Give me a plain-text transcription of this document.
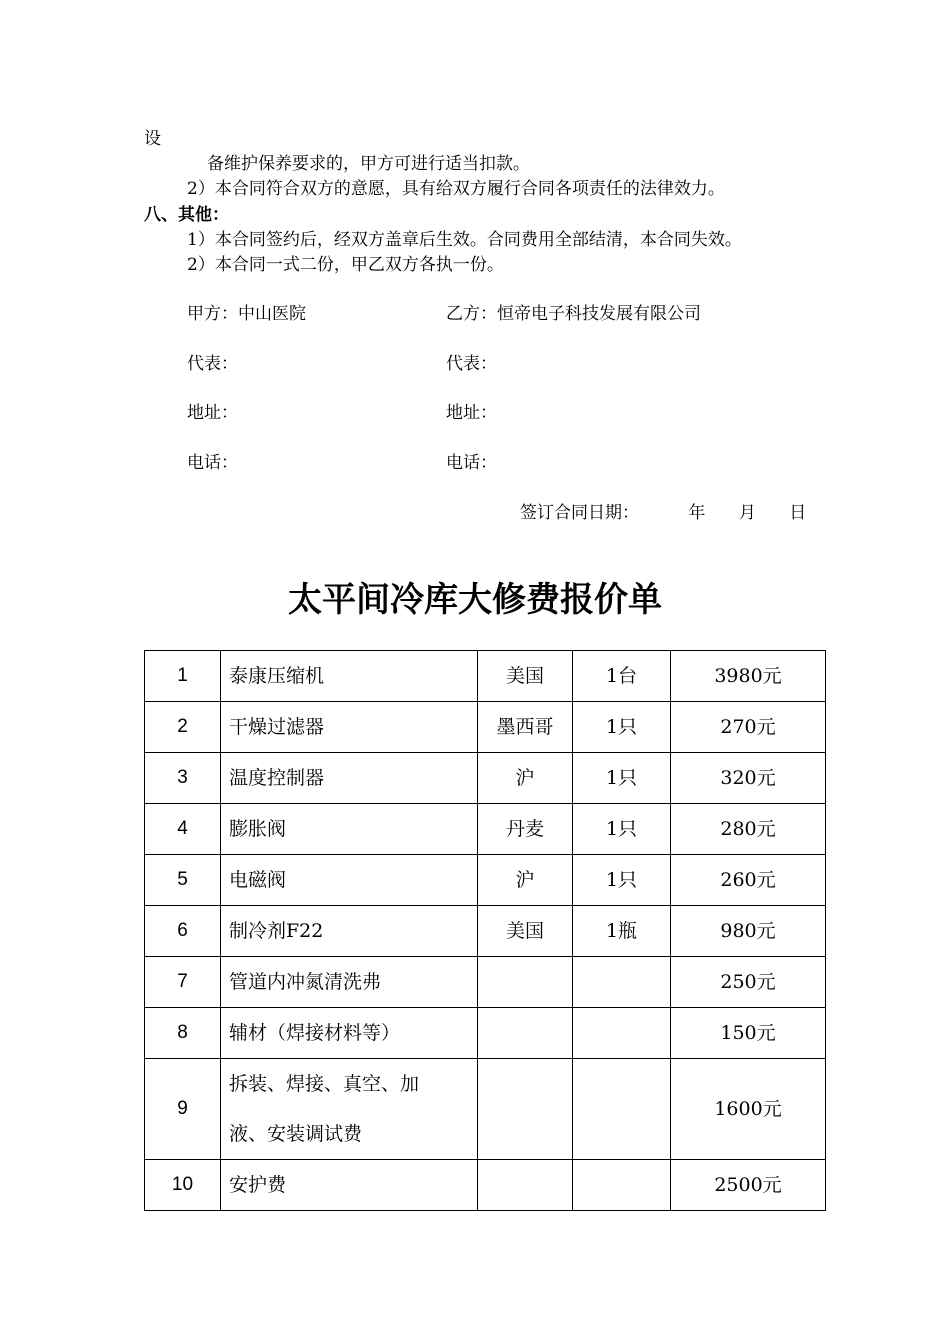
设
备维护保养要求的，甲方可进行适当扣款。
2）本合同符合双方的意愿，具有给双方履行合同各项责任的法律效力。
八、其他：
1）本合同签约后，经双方盖章后生效。合同费用全部结清，本合同失效。
2）本合同一式二份，甲乙双方各执一份。
甲方：中山医院	乙方：恒帝电子科技发展有限公司
代表：	代表：
地址：	地址：
电话：	电话：
签订合同日期：	年 月 日
太平间冷库大修费报价单
1	泰康压缩机	美国	1台	3980元
2	干燥过滤器	墨西哥	1只	270元
3	温度控制器	沪	1只	320元
4	膨胀阀	丹麦	1只	280元
5	电磁阀	沪	1只	260元
6	制冷剂F22	美国	1瓶	980元
7	管道内冲氮清洗弗			250元
8	辅材（焊接材料等）			150元
9	拆装、焊接、真空、加
液、安装调试费			1600元
10	安护费			2500元
